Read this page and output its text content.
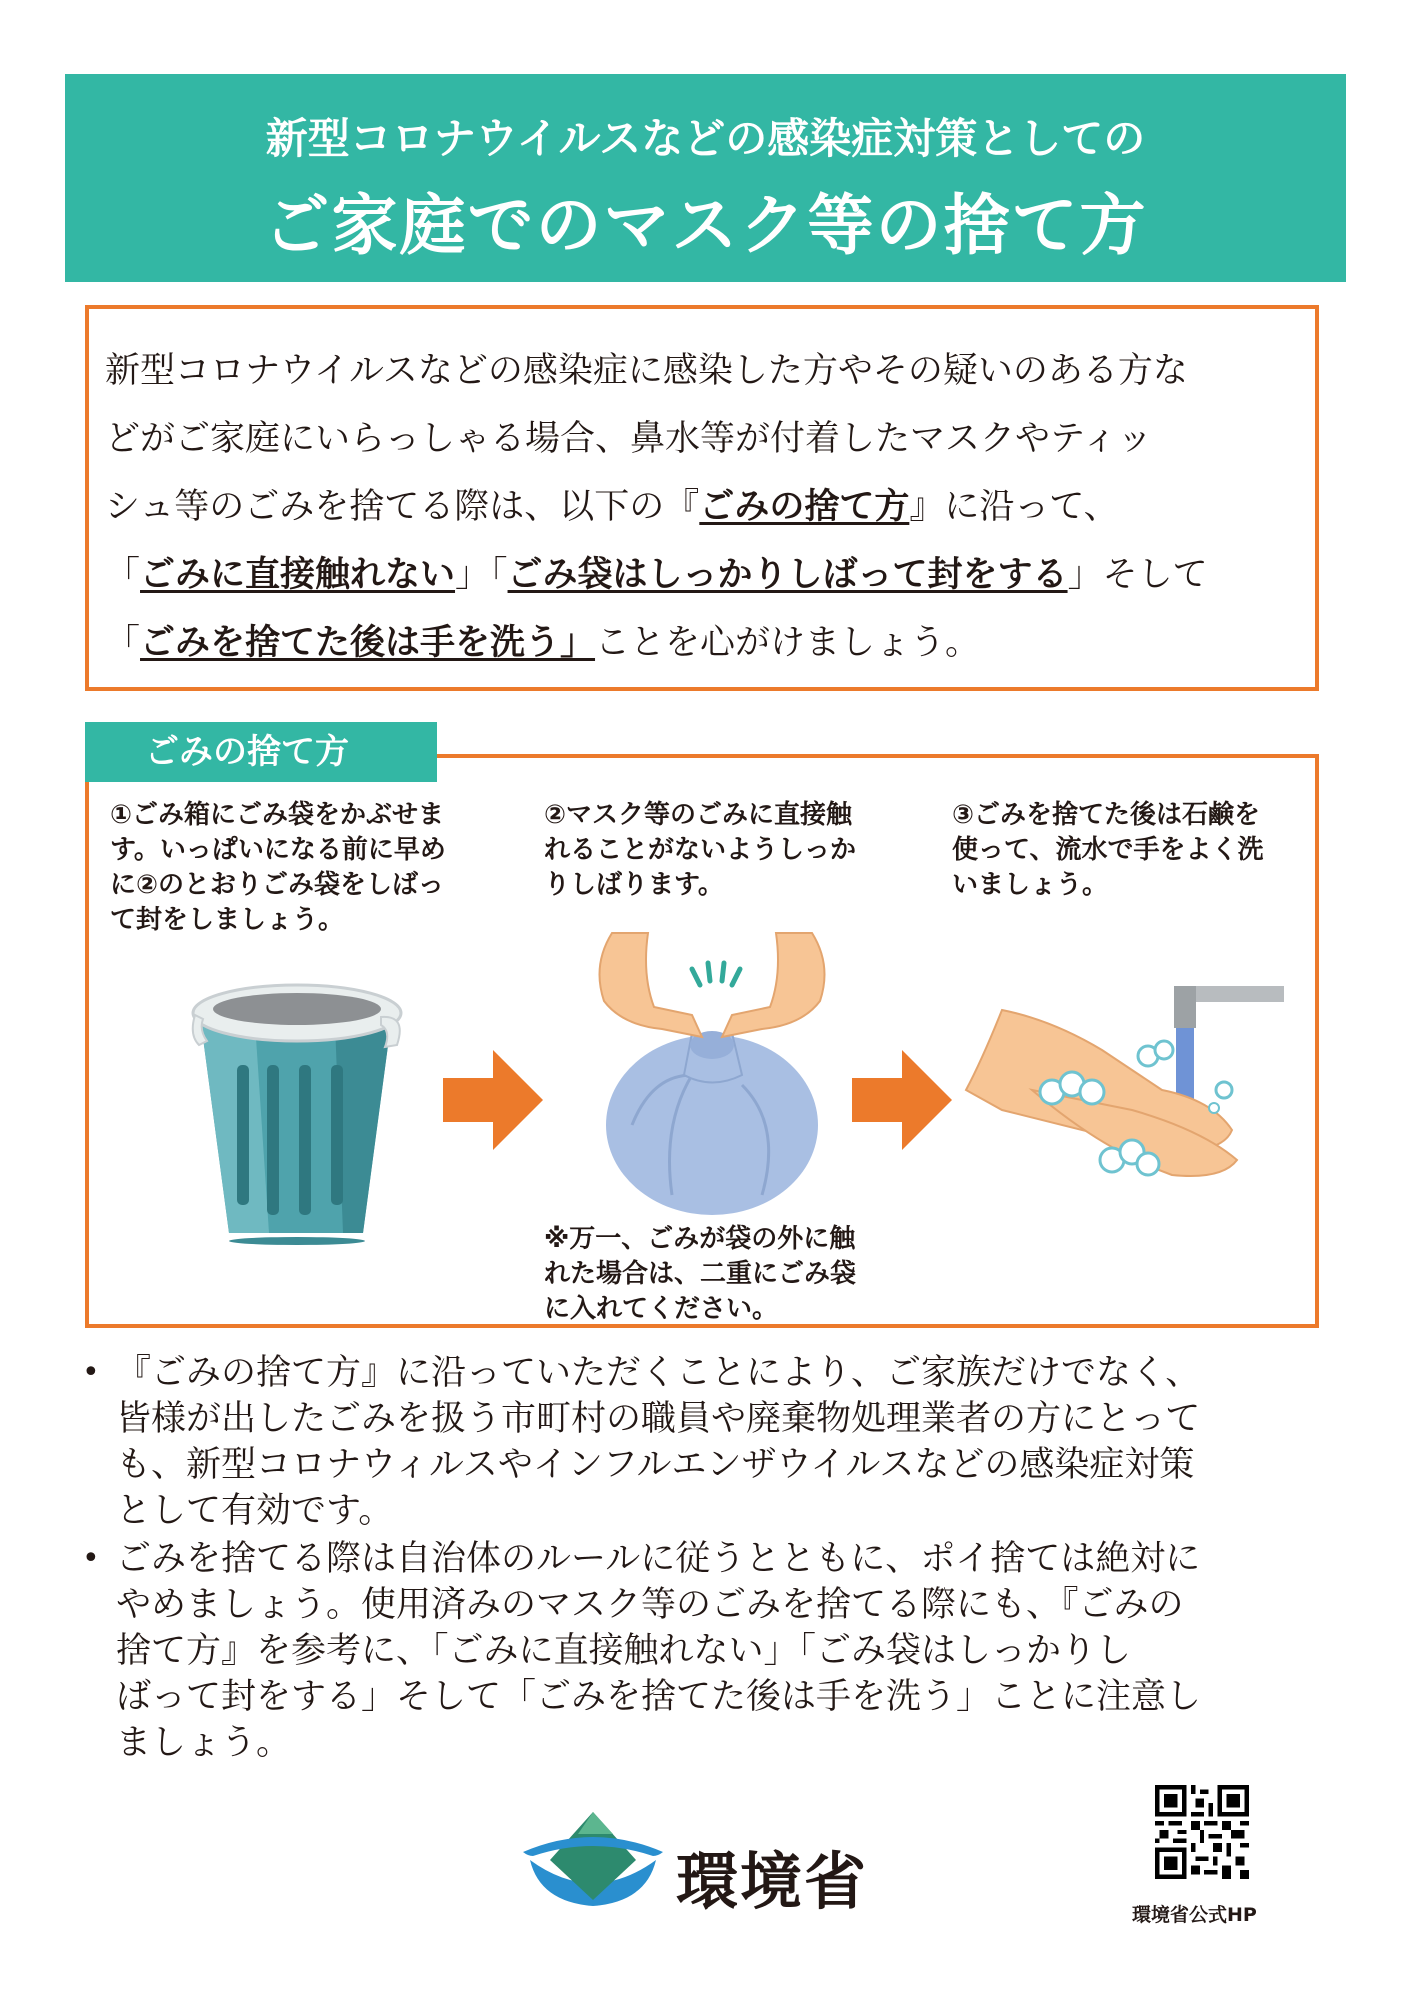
新型コロナウイルスなどの感染症対策としての
ご家庭でのマスク等の捨て方

新型コロナウイルスなどの感染症に感染した方やその疑いのある方な

どがご家庭にいらっしゃる場合、鼻水等が付着したマスクやティッ

シュ等のごみを捨てる際は、以下の『ごみの捨て方』に沿って、

「ごみに直接触れない」「ごみ袋はしっかりしばって封をする」そして

「ごみを捨てた後は手を洗う」ことを心がけましょう。

ごみの捨て方
①ごみ箱にごみ袋をかぶせま
す。いっぱいになる前に早め
に②のとおりごみ袋をしばっ
て封をしましょう。
②マスク等のごみに直接触
れることがないようしっか
りしばります。
③ごみを捨てた後は石鹸を
使って、流水で手をよく洗
いましょう。
※万一、ごみが袋の外に触
れた場合は、二重にごみ袋
に入れてください。
• 『ごみの捨て方』に沿っていただくことにより、ご家族だけでなく、
皆様が出したごみを扱う市町村の職員や廃棄物処理業者の方にとって
も、新型コロナウィルスやインフルエンザウイルスなどの感染症対策
として有効です。
• ごみを捨てる際は自治体のルールに従うとともに、ポイ捨ては絶対に
やめましょう。使用済みのマスク等のごみを捨てる際にも、『ごみの
捨て方』を参考に、「ごみに直接触れない」「ごみ袋はしっかりし
ばって封をする」そして「ごみを捨てた後は手を洗う」ことに注意し
ましょう。
環境省	環境省公式HP
